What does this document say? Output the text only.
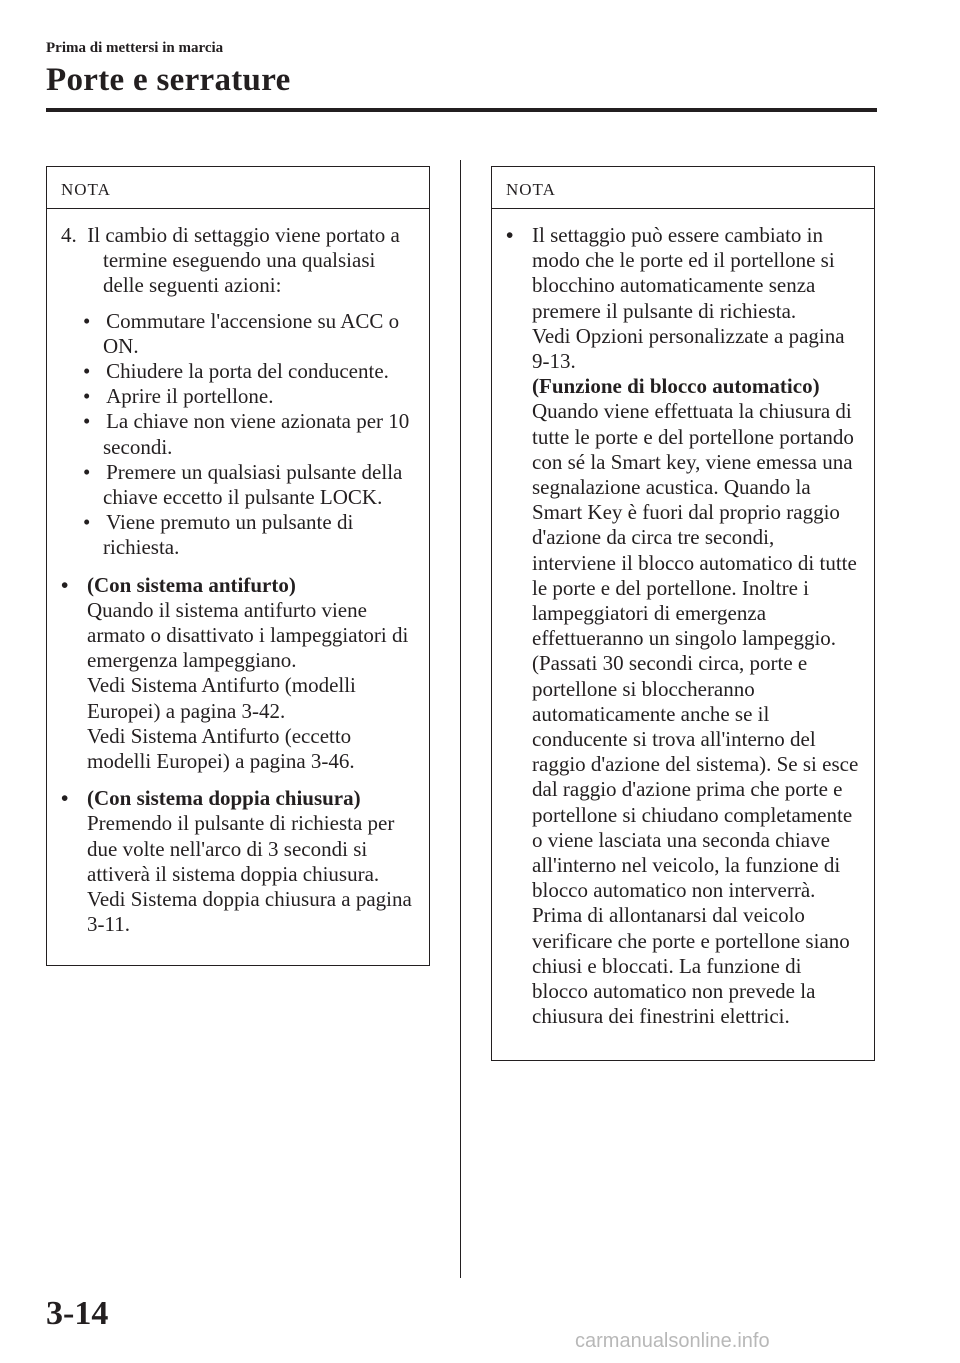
Prima di mettersi in marcia
Porte e serrature
NOTA
4. Il cambio di settaggio viene portato a termine eseguendo una qualsiasi delle seguenti azioni:
•   Commutare l'accensione su ACC o ON.
•   Chiudere la porta del conducente.
•   Aprire il portellone.
•   La chiave non viene azionata per 10 secondi.
•   Premere un qualsiasi pulsante della chiave eccetto il pulsante LOCK.
•   Viene premuto un pulsante di richiesta.
• (Con sistema antifurto)
Quando il sistema antifurto viene armato o disattivato i lampeggiatori di emergenza lampeggiano.
Vedi Sistema Antifurto (modelli Europei) a pagina 3-42.
Vedi Sistema Antifurto (eccetto modelli Europei) a pagina 3-46.
• (Con sistema doppia chiusura)
Premendo il pulsante di richiesta per due volte nell'arco di 3 secondi si attiverà il sistema doppia chiusura. Vedi Sistema doppia chiusura a pagina 3-11.
NOTA
• Il settaggio può essere cambiato in modo che le porte ed il portellone si blocchino automaticamente senza premere il pulsante di richiesta.
Vedi Opzioni personalizzate a pagina 9-13.
(Funzione di blocco automatico)
Quando viene effettuata la chiusura di tutte le porte e del portellone portando con sé la Smart key, viene emessa una segnalazione acustica. Quando la Smart Key è fuori dal proprio raggio d'azione da circa tre secondi, interviene il blocco automatico di tutte le porte e del portellone. Inoltre i lampeggiatori di emergenza effettueranno un singolo lampeggio. (Passati 30 secondi circa, porte e portellone si bloccheranno automaticamente anche se il conducente si trova all'interno del raggio d'azione del sistema). Se si esce dal raggio d'azione prima che porte e portellone si chiudano completamente o viene lasciata una seconda chiave all'interno nel veicolo, la funzione di blocco automatico non interverrà. Prima di allontanarsi dal veicolo verificare che porte e portellone siano chiusi e bloccati. La funzione di blocco automatico non prevede la chiusura dei finestrini elettrici.
3-14
carmanualsonline.info
